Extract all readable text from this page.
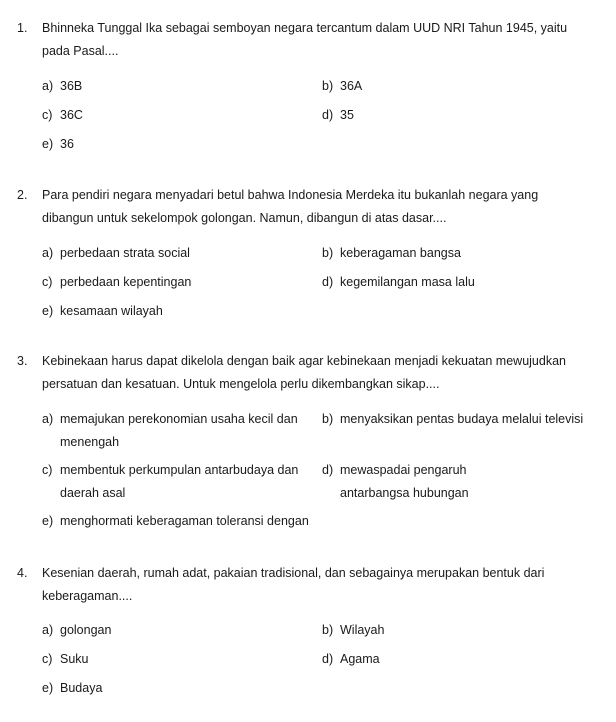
1. Bhinneka Tunggal Ika sebagai semboyan negara tercantum dalam UUD NRI Tahun 1945, yaitu pada Pasal....
a) 36B	b) 36A
c) 36C	d) 35
e) 36
2. Para pendiri negara menyadari betul bahwa Indonesia Merdeka itu bukanlah negara yang dibangun untuk sekelompok golongan. Namun, dibangun di atas dasar....
a) perbedaan strata social	b) keberagaman bangsa
c) perbedaan kepentingan	d) kegemilangan masa lalu
e) kesamaan wilayah
3. Kebinekaan harus dapat dikelola dengan baik agar kebinekaan menjadi kekuatan mewujudkan persatuan dan kesatuan. Untuk mengelola perlu dikembangkan sikap....
a) memajukan perekonomian usaha kecil dan menengah
b) menyaksikan pentas budaya melalui televisi
c) membentuk perkumpulan antarbudaya dan daerah asal
d) mewaspadai pengaruh antarbangsa hubungan
e) menghormati keberagaman toleransi dengan
4. Kesenian daerah, rumah adat, pakaian tradisional, dan sebagainya merupakan bentuk dari keberagaman....
a) golongan	b) Wilayah
c) Suku	d) Agama
e) Budaya
